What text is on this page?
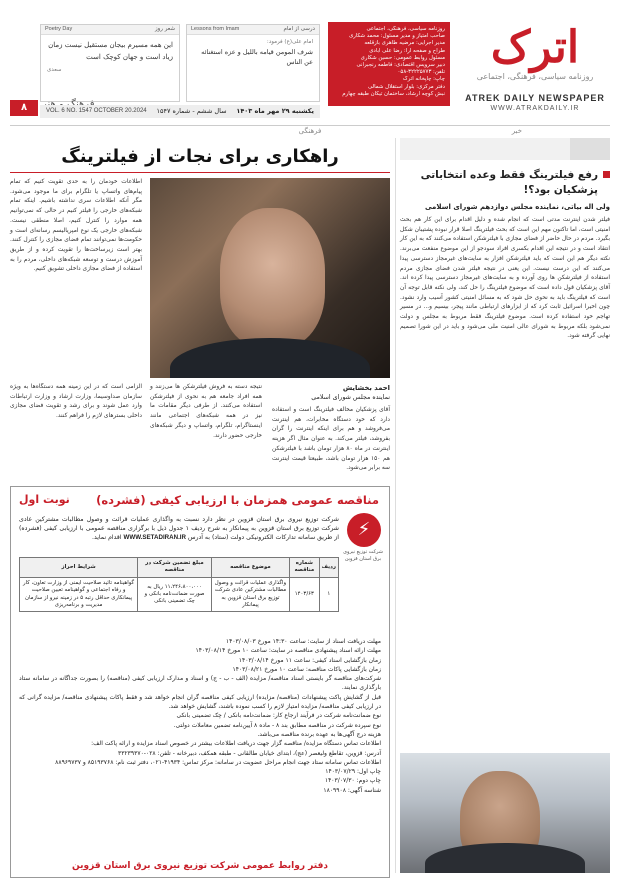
اترک
روزنامه سیاسی، فرهنگی، اجتماعی
ATREK DAILY NEWSPAPER
WWW.ATRAKDAILY.IR
روزنامه سیاسی، فرهنگی، اجتماعی
صاحب امتیاز و مدیر مسئول: محمد شکاری
مدیر اجرایی: مرضیه طاهری بازقلعه
طراح و صفحه آرا: رضا علی آبادی
مسئول روابط عمومی: حسین شکاری
دبیر سرویس اقتصادی: فاطمه رنجبرانی
تلفن: ۳۲۲۲۵۷۷۳-۰۵۸
چاپ: چاپخانه اترک
دفتر مرکزی: بلوار استقلال شمالی
نبش کوچه ارشاد، ساختمان تیکان طبقه چهارم
درسی از امام
Lessons from Imam
امام علی(ع) فرمود:
شرف المومن قيامه بالليل و عزه استغنائه عن الناس
شعر روز
Poetry Day
این همه مسیرم بیجان مستقیل نیست زمان زیاد است و جهان کوچک است
سعدی
۸	یکشنبه ۲۹ مهر ماه ۱۴۰۳
سال ششم - شماره ۱۵۴۷
VOL. 6 NO. 1547 OCTOBER 20.2024
فرهنگی	خبر
رفع فیلترینگ فقط وعده انتخاباتی پزشکیان بود؟!
ولی اله بیاتی، نماینده مجلس دوازدهم شورای اسلامی

فیلتر شدن اینترنت مدتی است که انجام شده و دلیل اقدام برای این کار هم بحث امنیتی است، اما تاکنون مهم این است که بحث فیلترینگ اصلا قرار نبوده پشتیبان شکل بگیرد. مردم در حال حاضر از فضای مجازی با فیلترشکن استفاده می‌کنند که به این کار انتقاد است و در نتیجه این اقدام بکسری افراد سودجو از این موضوع منفعت می‌برند. نکته دیگر هم این است که باید فیلترشکن افزار به سایت‌های غیرمجاز دسترسی پیدا می‌کنند که این درست نیست. این یعنی در نتیجه فیلتر شدن فضای مجازی مردم استفاده از فیلترشکن ها روی آورده و به سایت‌های غیرمجاز دسترسی پیدا کرده اند. آقای پزشکیان قول داده است که موضوع فیلترینگ را حل کند، ولی نکته قابل توجه آن است که فیلترینگ باید به نحوی حل شود که به مسائل امنیتی کشور آسیب وارد نشود. چون اخیرا اسرائیل ثابت کرد که از ابزارهای ارتباطی مانند پیجر، بیسیم و... در مسیر تهاجم خود استفاده کرده است. موضوع فیلترینگ فقط مربوط به مجلس و دولت نمی‌شود بلکه مربوط به شورای عالی امنیت ملی می‌شود و باید در این شورا تصمیم نهایی گرفته شود.

راهکاری برای نجات از فیلترینگ
احمد بخشایش
نماینده مجلس شورای اسلامی

اطلاعات خودمان را به حدی تقویت کنیم که تمام پیام‌های واتساپ یا تلگرام برای ما موجود می‌شود. مگر آنکه اطلاعات سری نداشته باشیم. اینکه تمام شبکه‌های خارجی را فیلتر کنیم در حالی که نمی‌توانیم همه موارد را کنترل کنیم، اصلا منطقی نیست. شبکه‌های خارجی یک نوع امپریالیسم رسانه‌ای است و حکومت‌ها نمی‌توانند تمام فضای مجازی را کنترل کنند. بهتر است زیرساخت‌ها را تقویت کرده و از طریق آموزش درست و توسعه شبکه‌های داخلی، مردم را به استفاده از فضای مجازی داخلی تشویق کنیم.

الزامی است که در این زمینه همه دستگاه‌ها به ویژه سازمان صداوسیما، وزارت ارشاد و وزارت ارتباطات وارد عمل شوند و برای رشد و تقویت فضای مجازی داخلی بسترهای لازم را فراهم کنند.

نتیجه دسته به فروش فیلترشکن ها می‌زنند و همه افراد جامعه هم به نحوی از فیلترشکن استفاده می‌کنند. از طرفی دیگر مقامات ما نیز در همه شبکه‌های اجتماعی مانند اینستاگرام، تلگرام، واتساپ و دیگر شبکه‌های خارجی حضور دارند.

آقای پزشکیان مخالف فیلترینگ است و استفاده دارد که خود دستگاه مخابرات، هم اینترنت می‌فروشد و هم برای اینکه اینترنت را گران بفروشد، فیلتر می‌کند. به عنوان مثال اگر هزینه اینترنت در ماه ۸۰ هزار تومان باشد با فیلترشکن هم ۱۵۰ هزار تومان باشد، طبیعتا قیمت اینترنت سه برابر می‌شود.

نوبت اول مناقصه عمومی همزمان با ارزیابی کیفی (فشرده)
⚡
شرکت توزیع نیروی برق استان قزوین
شرکت توزیع نیروی برق استان قزوین در نظر دارد نسبت به واگذاری عملیات قرائت و وصول مطالبات مشترکین عادی شرکت توزیع برق استان قزوین به پیمانکار به شرح ردیف ۱ جدول ذیل با برگزاری مناقصه عمومی با ارزیابی کیفی (فشرده) از طریق سامانه تدارکات الکترونیکی دولت (ستاد) به آدرس WWW.SETADIRAN.IR اقدام نماید.
ردیف	شماره مناقصه	موضوع مناقصه	مبلغ تضمین شرکت در مناقصه	شرایط احراز
۱	۱۴۰۳/۶۳	واگذاری عملیات قرائت و وصول مطالبات مشترکین عادی شرکت توزیع برق استان قزوین به پیمانکار	۱۱،۲۴۶،۸۰۰،۰۰۰ ریال به صورت ضمانت‌نامه بانکی و چک تضمینی بانکی	گواهینامه تائید صلاحیت ایمنی از وزارت تعاون، کار و رفاه اجتماعی و گواهینامه تعیین صلاحیت پیمانکاری حداقل رتبه ۵ در زمینه نیرو از سازمان مدیریت و برنامه‌ریزی
مهلت دریافت اسناد از سایت: ساعت ۱۴:۳۰ مورخ ۱۴۰۳/۰۸/۰۳
مهلت ارائه اسناد پیشنهادی مناقصه در سایت: ساعت ۱۰ مورخ ۱۴۰۳/۰۸/۱۴
زمان بازگشایی اسناد کیفی: ساعت ۱۱ مورخ ۱۴۰۳/۰۸/۱۴
زمان بازگشایی پاکات مناقصه: ساعت ۱۰ مورخ ۱۴۰۳/۰۸/۲۱
شرکت‌های مناقصه گر بایستی اسناد مناقصه/ مزایده (الف - ب - ج) و اسناد و مدارک ارزیابی کیفی (مناقصه) را بصورت جداگانه در سامانه ستاد بارگذاری نمایند.
قبل از گشایش پاکت پیشنهادات (مناقصه/ مزایده) ارزیابی کیفی مناقصه گران انجام خواهد شد و فقط پاکات پیشنهادی مناقصه/ مزایده گرانی که در ارزیابی کیفی مناقصه/ مزایده امتیاز لازم را کسب نموده باشند، گشایش خواهد شد.
نوع ضمانت‌نامه شرکت در فرآیند ارجاع کار: ضمانت‌نامه بانکی / چک تضمینی بانکی
نوع سپرده شرکت در مناقصه مطابق بند ۸ - ماده ۸ آیین‌نامه تضمین معاملات دولتی.
هزینه درج آگهی‌ها به عهده برنده مناقصه می‌باشد.
اطلاعات تماس دستگاه مزایده/ مناقصه گزار جهت دریافت اطلاعات بیشتر در خصوص اسناد مزایده و ارائه پاکت الف:
آدرس: قزوین، تقاطع ولیعصر (عج)، ابتدای خیابان طالقانی - طبقه همکف، دبیرخانه - تلفن: ۰۲۸-۳۳۲۳۹۳۷۰
اطلاعات تماس سامانه ستاد جهت انجام مراحل عضویت در سامانه: مرکز تماس: ۴۱۹۳۴-۰۲۱، دفتر ثبت نام: ۸۵۱۹۳۷۶۸ و ۸۸۹۶۹۷۳۷
چاپ اول: ۱۴۰۳/۰۷/۲۹
چاپ دوم: ۱۴۰۳/۰۷/۳۰
شناسه آگهی: ۱۸۰۹۹۰۸
دفتر روابط عمومی شرکت توزیع نیروی برق استان قزوین
